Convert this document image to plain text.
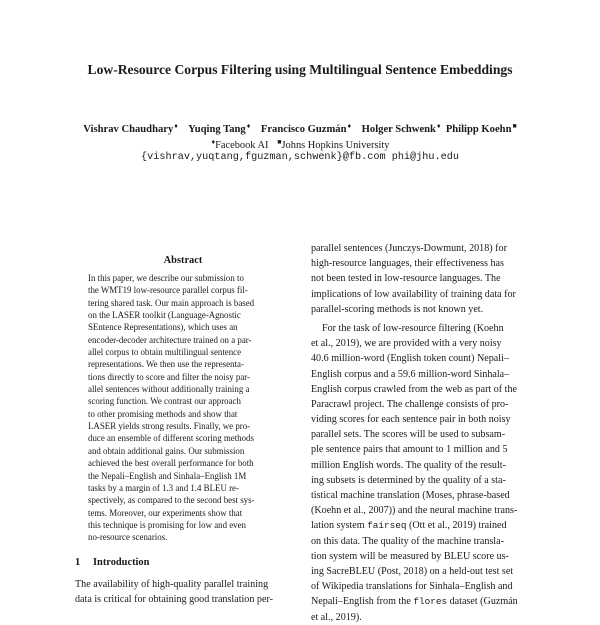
Low-Resource Corpus Filtering using Multilingual Sentence Embeddings
Vishrav Chaudhary♦ Yuqing Tang♦ Francisco Guzmán♦ Holger Schwenk♦ Philipp Koehn■
♦Facebook AI ■Johns Hopkins University
{vishrav,yuqtang,fguzman,schwenk}@fb.com phi@jhu.edu
Abstract
In this paper, we describe our submission to
the WMT19 low-resource parallel corpus fil-
tering shared task. Our main approach is based
on the LASER toolkit (Language-Agnostic
SEntence Representations), which uses an
encoder-decoder architecture trained on a par-
allel corpus to obtain multilingual sentence
representations. We then use the representa-
tions directly to score and filter the noisy par-
allel sentences without additionally training a
scoring function. We contrast our approach
to other promising methods and show that
LASER yields strong results. Finally, we pro-
duce an ensemble of different scoring methods
and obtain additional gains. Our submission
achieved the best overall performance for both
the Nepali–English and Sinhala–English 1M
tasks by a margin of 1.3 and 1.4 BLEU re-
spectively, as compared to the second best sys-
tems. Moreover, our experiments show that
this technique is promising for low and even
no-resource scenarios.
1 Introduction
The availability of high-quality parallel training
data is critical for obtaining good translation per-
parallel sentences (Junczys-Dowmunt, 2018) for
high-resource languages, their effectiveness has
not been tested in low-resource languages. The
implications of low availability of training data for
parallel-scoring methods is not known yet.
For the task of low-resource filtering (Koehn
et al., 2019), we are provided with a very noisy
40.6 million-word (English token count) Nepali–
English corpus and a 59.6 million-word Sinhala–
English corpus crawled from the web as part of the
Paracrawl project. The challenge consists of pro-
viding scores for each sentence pair in both noisy
parallel sets. The scores will be used to subsam-
ple sentence pairs that amount to 1 million and 5
million English words. The quality of the result-
ing subsets is determined by the quality of a sta-
tistical machine translation (Moses, phrase-based
(Koehn et al., 2007)) and the neural machine trans-
lation system fairseq (Ott et al., 2019) trained
on this data. The quality of the machine transla-
tion system will be measured by BLEU score us-
ing SacreBLEU (Post, 2018) on a held-out test set
of Wikipedia translations for Sinhala–English and
Nepali–English from the flores dataset (Guzmán
et al., 2019).
